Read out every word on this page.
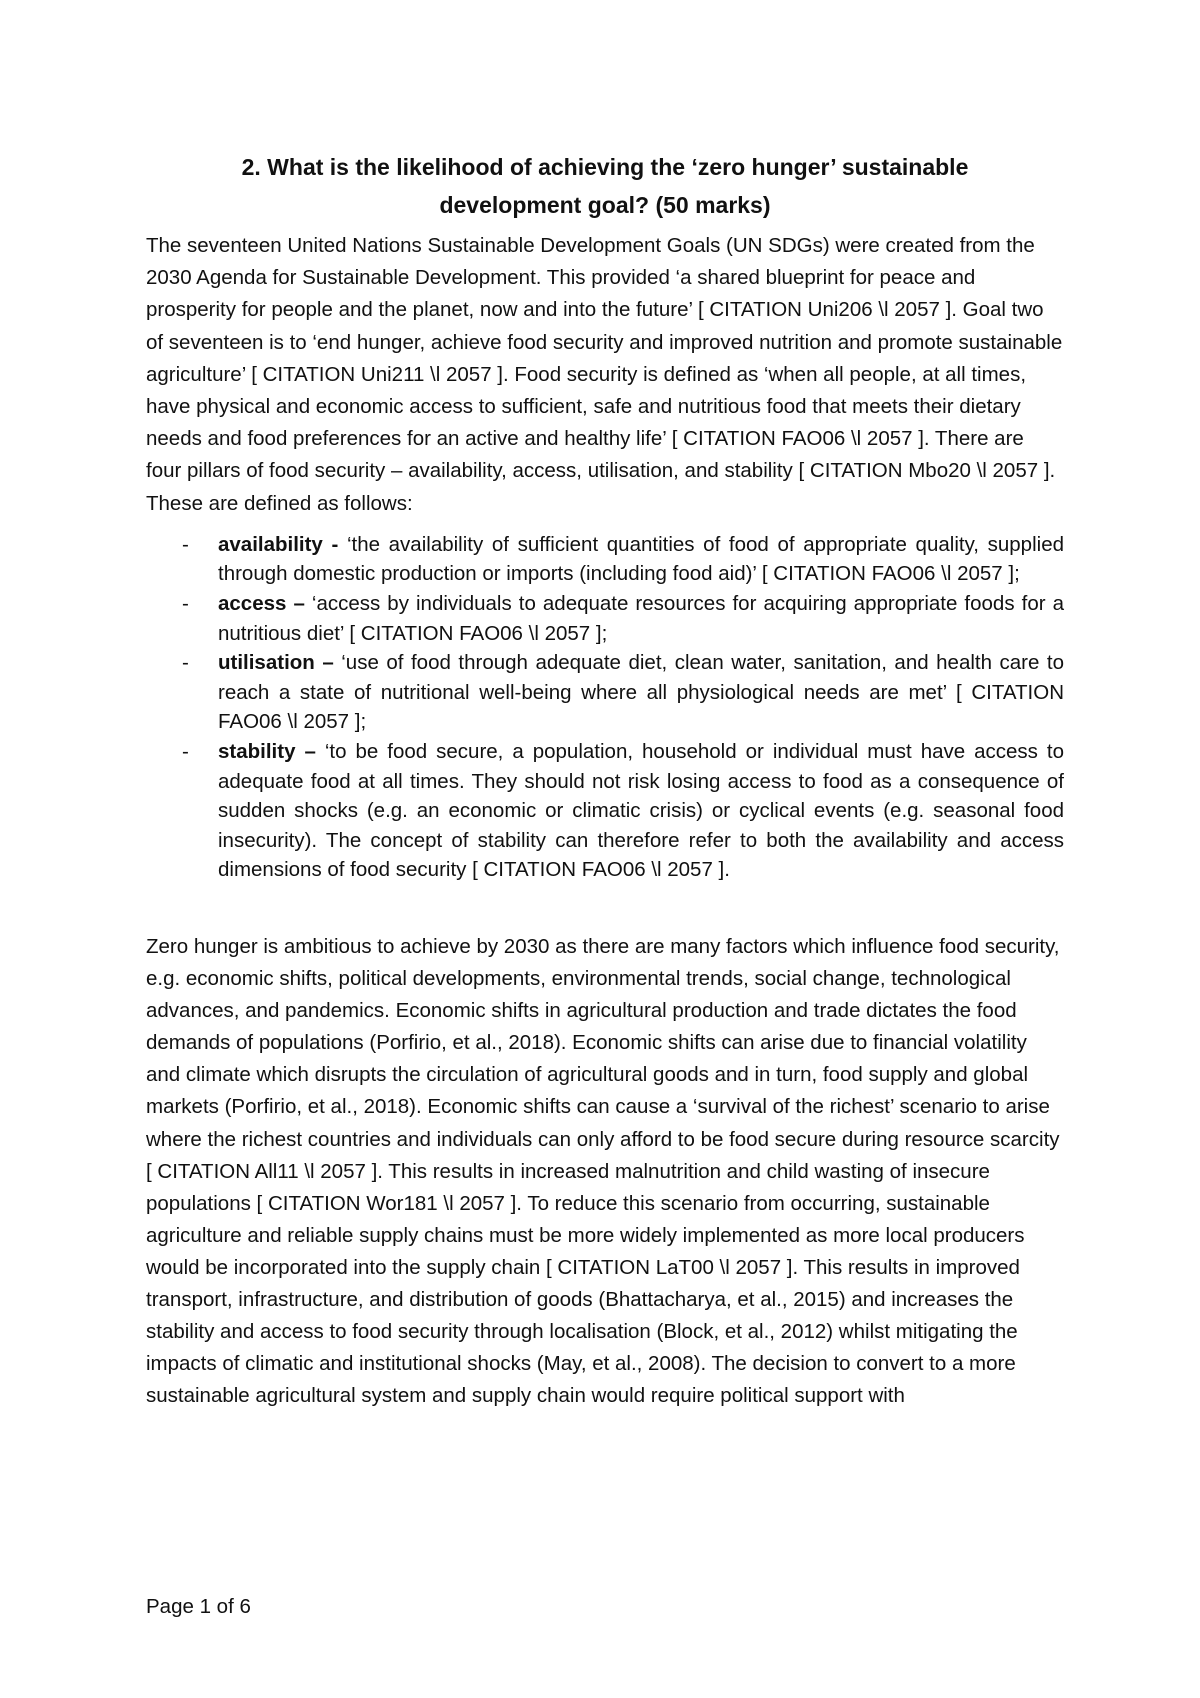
2. What is the likelihood of achieving the ‘zero hunger’ sustainable
development goal? (50 marks)

The seventeen United Nations Sustainable Development Goals (UN SDGs) were created from the 2030 Agenda for Sustainable Development. This provided ‘a shared blueprint for peace and prosperity for people and the planet, now and into the future’ [ CITATION Uni206 \l 2057 ]. Goal two of seventeen is to ‘end hunger, achieve food security and improved nutrition and promote sustainable agriculture’ [ CITATION Uni211 \l 2057 ]. Food security is defined as ‘when all people, at all times, have physical and economic access to sufficient, safe and nutritious food that meets their dietary needs and food preferences for an active and healthy life’ [ CITATION FAO06 \l 2057 ]. There are four pillars of food security – availability, access, utilisation, and stability [ CITATION Mbo20 \l 2057 ]. These are defined as follows:

- availability - ‘the availability of sufficient quantities of food of appropriate quality, supplied through domestic production or imports (including food aid)’ [ CITATION FAO06 \l 2057 ];
- access – ‘access by individuals to adequate resources for acquiring appropriate foods for a nutritious diet’ [ CITATION FAO06 \l 2057 ];
- utilisation – ‘use of food through adequate diet, clean water, sanitation, and health care to reach a state of nutritional well-being where all physiological needs are met’ [ CITATION FAO06 \l 2057 ];
- stability – ‘to be food secure, a population, household or individual must have access to adequate food at all times. They should not risk losing access to food as a consequence of sudden shocks (e.g. an economic or climatic crisis) or cyclical events (e.g. seasonal food insecurity). The concept of stability can therefore refer to both the availability and access dimensions of food security [ CITATION FAO06 \l 2057 ].

Zero hunger is ambitious to achieve by 2030 as there are many factors which influence food security, e.g. economic shifts, political developments, environmental trends, social change, technological advances, and pandemics. Economic shifts in agricultural production and trade dictates the food demands of populations (Porfirio, et al., 2018). Economic shifts can arise due to financial volatility and climate which disrupts the circulation of agricultural goods and in turn, food supply and global markets (Porfirio, et al., 2018). Economic shifts can cause a ‘survival of the richest’ scenario to arise where the richest countries and individuals can only afford to be food secure during resource scarcity [ CITATION All11 \l 2057 ]. This results in increased malnutrition and child wasting of insecure populations [ CITATION Wor181 \l 2057 ]. To reduce this scenario from occurring, sustainable agriculture and reliable supply chains must be more widely implemented as more local producers would be incorporated into the supply chain [ CITATION LaT00 \l 2057 ]. This results in improved transport, infrastructure, and distribution of goods (Bhattacharya, et al., 2015) and increases the stability and access to food security through localisation (Block, et al., 2012) whilst mitigating the impacts of climatic and institutional shocks (May, et al., 2008). The decision to convert to a more sustainable agricultural system and supply chain would require political support with

Page 1 of 6
